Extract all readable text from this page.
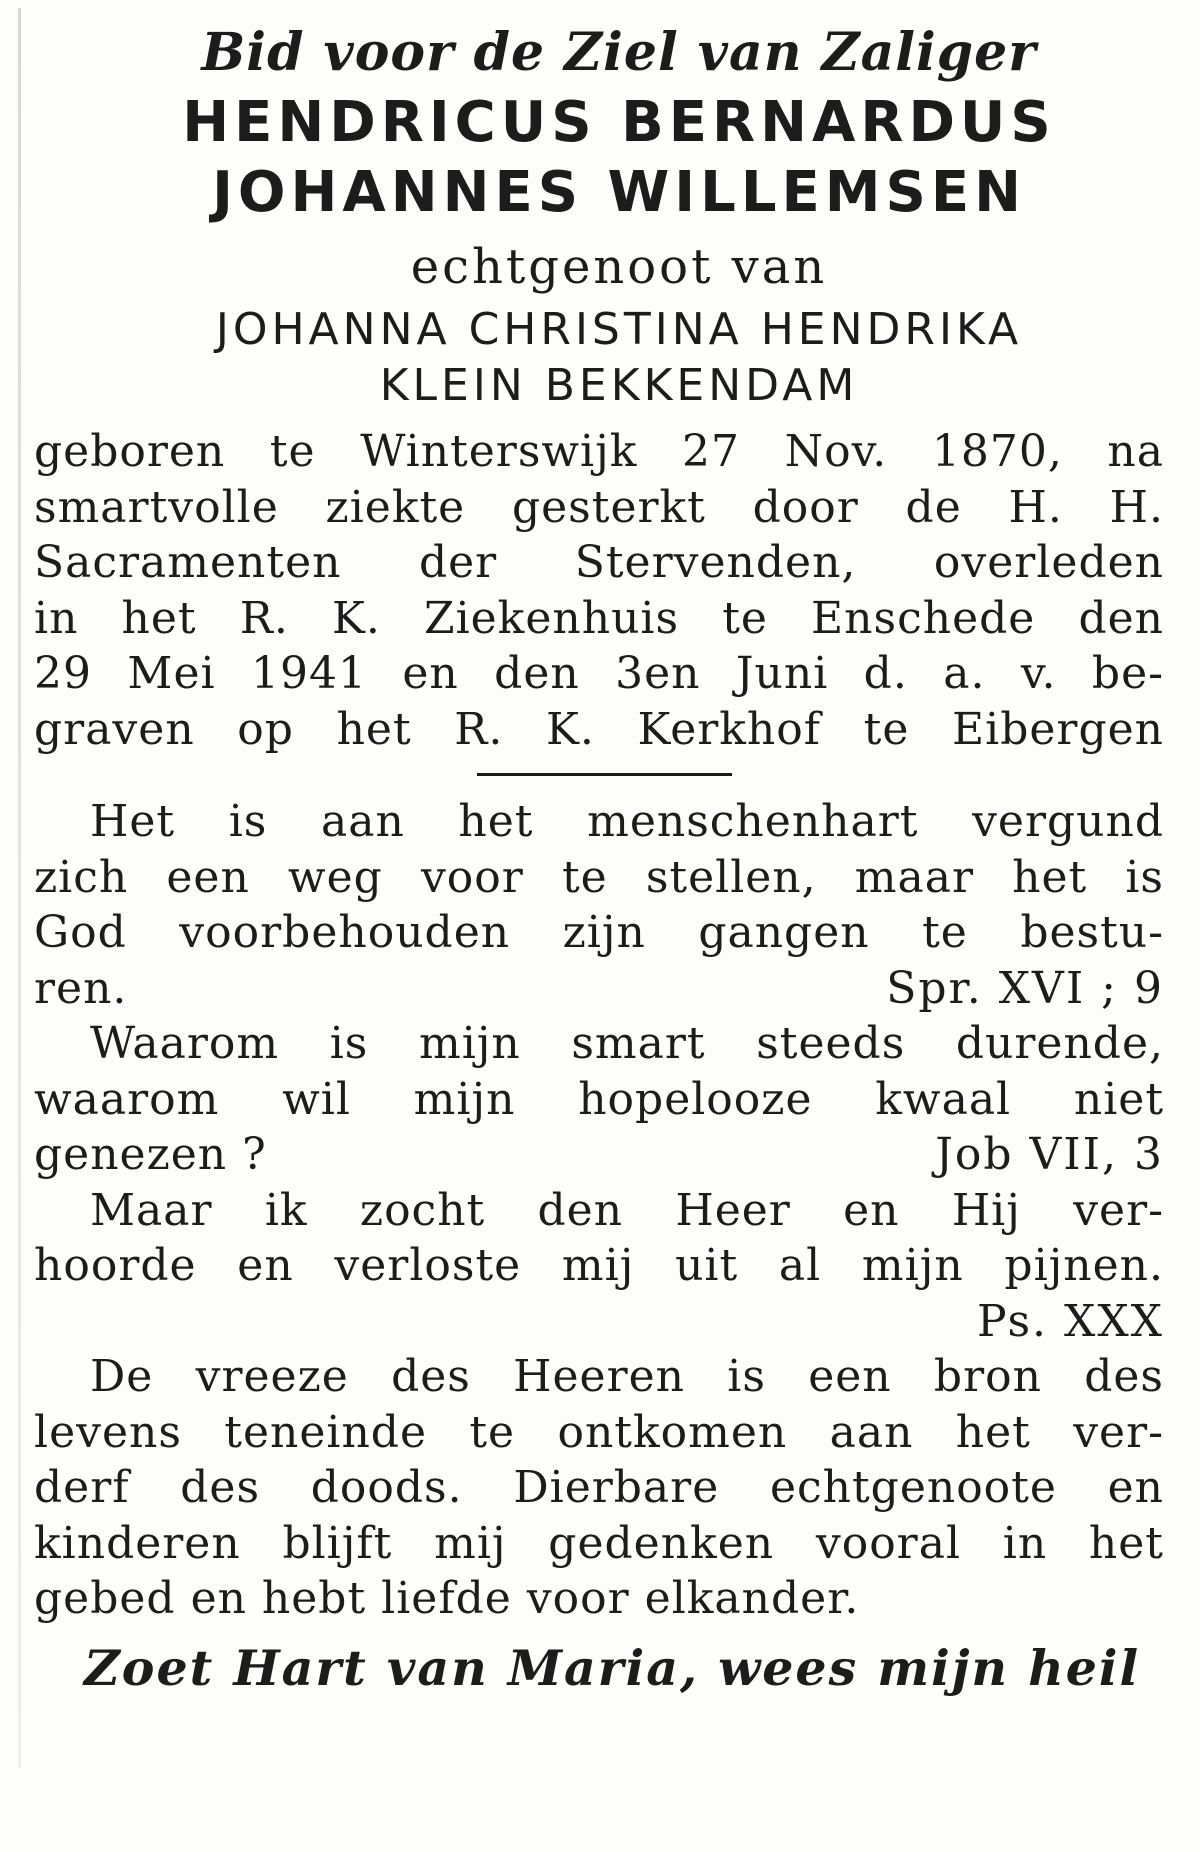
Bid voor de Ziel van Zaliger
HENDRICUS BERNARDUS
JOHANNES WILLEMSEN
echtgenoot van
JOHANNA CHRISTINA HENDRIKA
KLEIN BEKKENDAM
geboren te Winterswijk 27 Nov. 1870, na
smartvolle ziekte gesterkt door de H. H.
Sacramenten der Stervenden, overleden
in het R. K. Ziekenhuis te Enschede den
29 Mei 1941 en den 3en Juni d. a. v. be-
graven op het R. K. Kerkhof te Eibergen
Het is aan het menschenhart vergund
zich een weg voor te stellen, maar het is
God voorbehouden zijn gangen te bestu-
ren.	Spr. XVI ; 9
Waarom is mijn smart steeds durende,
waarom wil mijn hopelooze kwaal niet
genezen ?	Job VII, 3
Maar ik zocht den Heer en Hij ver-
hoorde en verloste mij uit al mijn pijnen.
Ps. XXX
De vreeze des Heeren is een bron des
levens teneinde te ontkomen aan het ver-
derf des doods. Dierbare echtgenoote en
kinderen blijft mij gedenken vooral in het
gebed en hebt liefde voor elkander.
Zoet Hart van Maria, wees mijn heil
